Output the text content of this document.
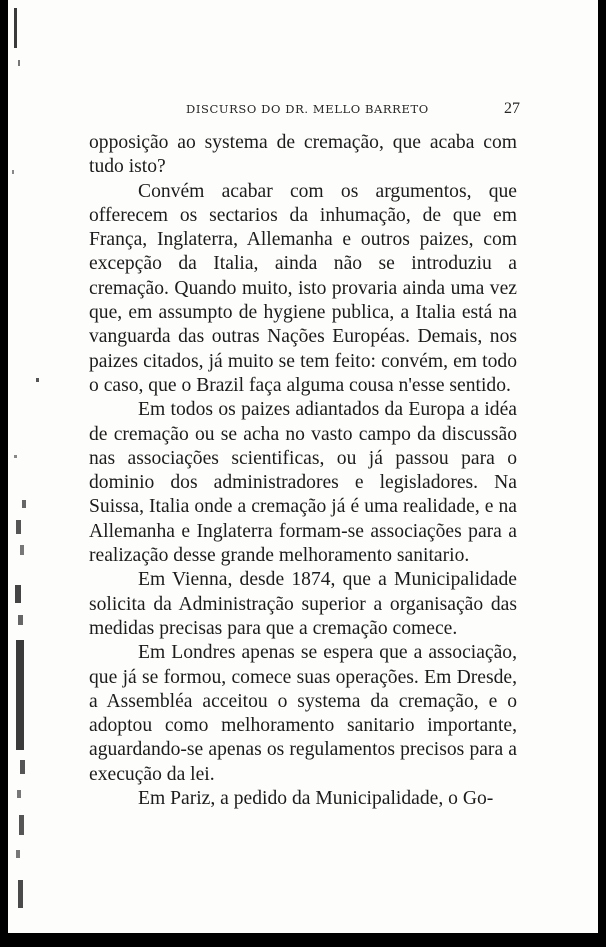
DISCURSO DO DR. MELLO BARRETO	27

opposição ao systema de cremação, que acaba com tudo isto?

Convém acabar com os argumentos, que offerecem os sectarios da inhumação, de que em França, Inglaterra, Allemanha e outros paizes, com excepção da Italia, ainda não se introduziu a cremação. Quando muito, isto provaria ainda uma vez que, em assumpto de hygiene publica, a Italia está na vanguarda das outras Nações Européas. Demais, nos paizes citados, já muito se tem feito: convém, em todo o caso, que o Brazil faça alguma cousa n'esse sentido.

Em todos os paizes adiantados da Europa a idéa de cremação ou se acha no vasto campo da discussão nas associações scientificas, ou já passou para o dominio dos administradores e legisladores. Na Suissa, Italia onde a cremação já é uma realidade, e na Allemanha e Inglaterra formam-se associações para a realização desse grande melhoramento sanitario.

Em Vienna, desde 1874, que a Municipalidade solicita da Administração superior a organisação das medidas precisas para que a cremação comece.

Em Londres apenas se espera que a associação, que já se formou, comece suas operações. Em Dresde, a Assembléa acceitou o systema da cremação, e o adoptou como melhoramento sanitario importante, aguardando-se apenas os regulamentos precisos para a execução da lei.

Em Pariz, a pedido da Municipalidade, o Go-
